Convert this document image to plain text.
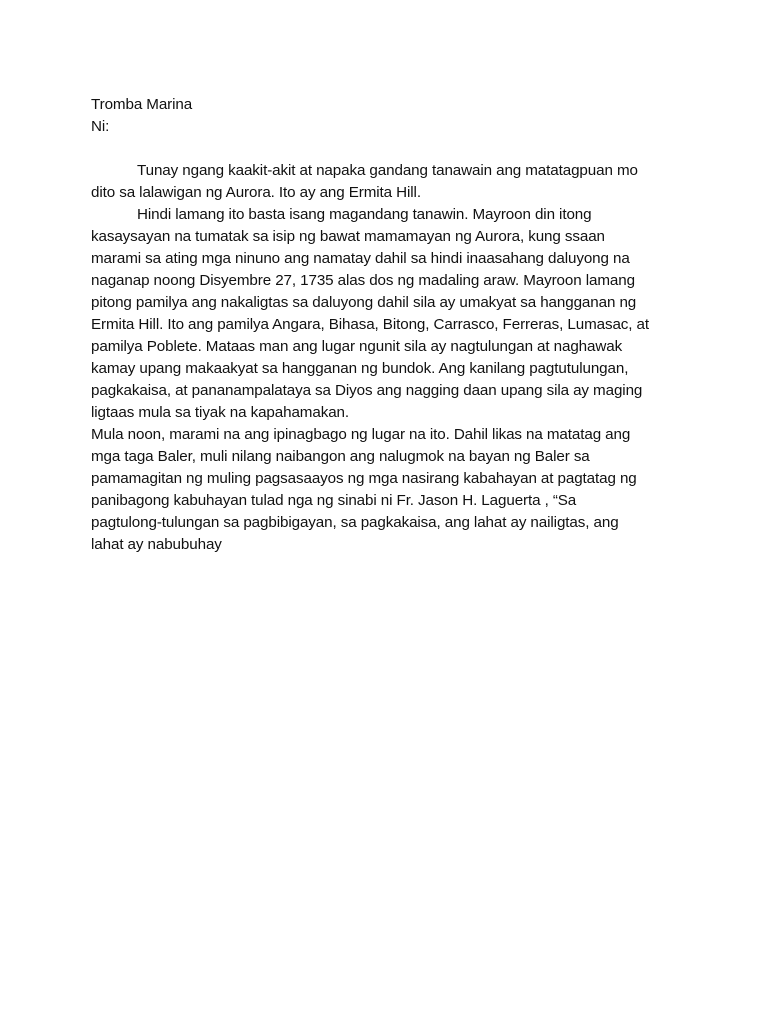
Tromba Marina

Ni:

Tunay ngang kaakit-akit at napaka gandang tanawain ang matatagpuan mo

dito sa lalawigan ng Aurora. Ito ay ang Ermita Hill.

Hindi lamang ito basta isang magandang tanawin. Mayroon din itong

kasaysayan na tumatak sa isip ng bawat mamamayan ng Aurora, kung ssaan

marami sa ating mga ninuno ang namatay dahil sa hindi inaasahang daluyong na

naganap noong Disyembre 27, 1735 alas dos ng madaling araw. Mayroon lamang

pitong pamilya ang nakaligtas sa daluyong dahil sila ay umakyat sa hangganan ng

Ermita Hill. Ito ang pamilya Angara, Bihasa, Bitong, Carrasco, Ferreras, Lumasac, at

pamilya Poblete. Mataas man ang lugar ngunit sila ay nagtulungan at naghawak

kamay upang makaakyat sa hangganan ng bundok. Ang kanilang pagtutulungan,

pagkakaisa, at pananampalataya sa Diyos ang nagging daan upang sila ay maging

ligtaas mula sa tiyak na kapahamakan.

Mula noon, marami na ang ipinagbago ng lugar na ito. Dahil likas na matatag ang

mga taga Baler, muli nilang naibangon ang nalugmok na bayan ng Baler sa

pamamagitan ng muling pagsasaayos ng mga nasirang kabahayan at pagtatag ng

panibagong kabuhayan tulad nga ng sinabi ni Fr. Jason H. Laguerta , “Sa

pagtulong-tulungan sa pagbibigayan, sa pagkakaisa, ang lahat ay nailigtas, ang

lahat ay nabubuhay
